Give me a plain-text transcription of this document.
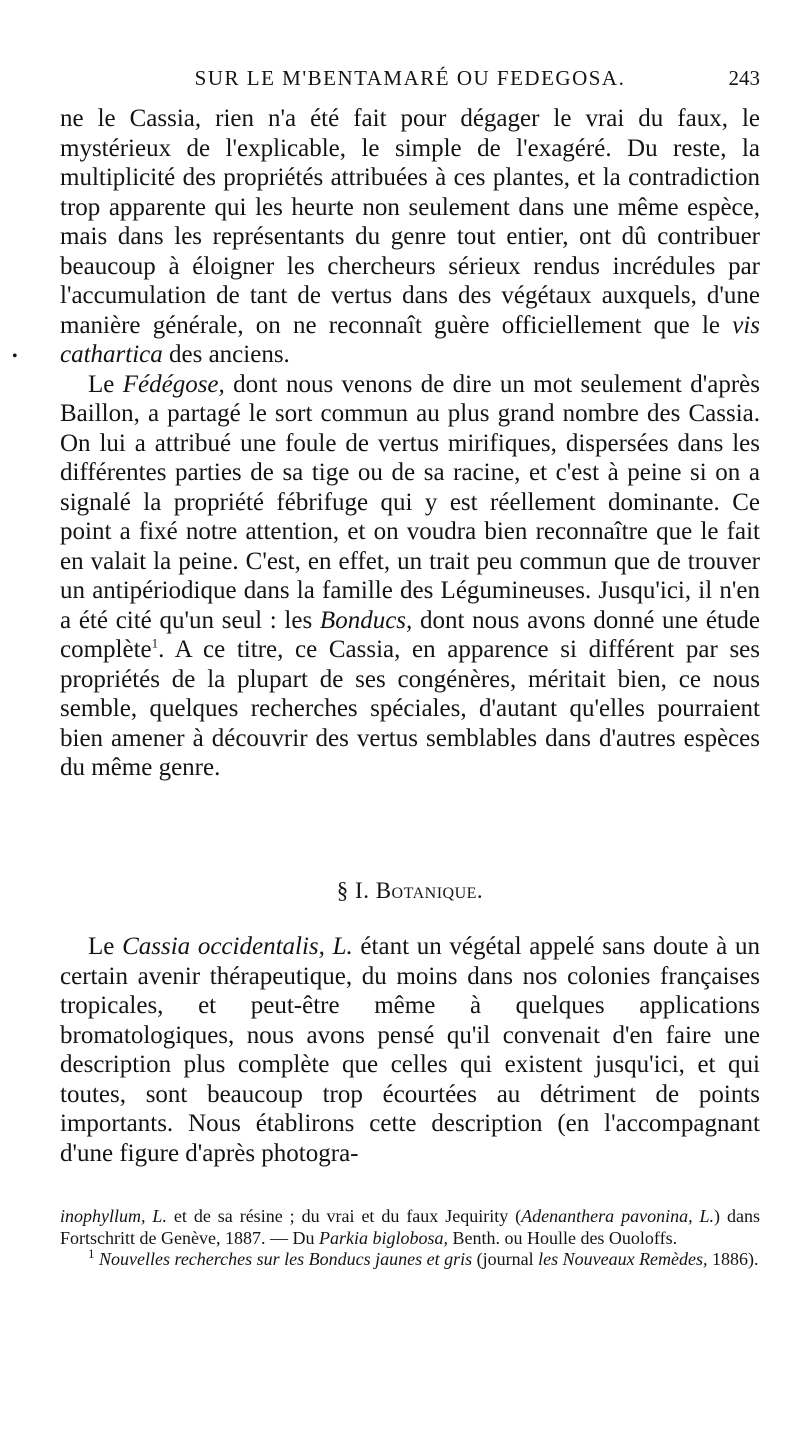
SUR LE M'BENTAMARÉ OU FEDEGOSA.	243
•

ne le Cassia, rien n'a été fait pour dégager le vrai du faux, le mystérieux de l'explicable, le simple de l'exagéré. Du reste, la multiplicité des propriétés attribuées à ces plantes, et la contradiction trop apparente qui les heurte non seulement dans une même espèce, mais dans les représentants du genre tout entier, ont dû contribuer beaucoup à éloigner les chercheurs sérieux rendus incrédules par l'accumulation de tant de vertus dans des végétaux auxquels, d'une manière générale, on ne reconnaît guère officiellement que le vis cathartica des anciens.

Le Fédégose, dont nous venons de dire un mot seulement d'après Baillon, a partagé le sort commun au plus grand nombre des Cassia. On lui a attribué une foule de vertus mirifiques, dispersées dans les différentes parties de sa tige ou de sa racine, et c'est à peine si on a signalé la propriété fébrifuge qui y est réellement dominante. Ce point a fixé notre attention, et on voudra bien reconnaître que le fait en valait la peine. C'est, en effet, un trait peu commun que de trouver un antipériodique dans la famille des Légumineuses. Jusqu'ici, il n'en a été cité qu'un seul : les Bonducs, dont nous avons donné une étude complète$^1$. A ce titre, ce Cassia, en apparence si différent par ses propriétés de la plupart de ses congénères, méritait bien, ce nous semble, quelques recherches spéciales, d'autant qu'elles pourraient bien amener à découvrir des vertus semblables dans d'autres espèces du même genre.

§ I. Botanique.

Le Cassia occidentalis, L. étant un végétal appelé sans doute à un certain avenir thérapeutique, du moins dans nos colonies françaises tropicales, et peut-être même à quelques applications bromatologiques, nous avons pensé qu'il convenait d'en faire une description plus complète que celles qui existent jusqu'ici, et qui toutes, sont beaucoup trop écourtées au détriment de points importants. Nous établirons cette description (en l'accompagnant d'une figure d'après photogra-

inophyllum, L. et de sa résine ; du vrai et du faux Jequirity (Adenanthera pavonina, L.) dans Fortschritt de Genève, 1887. — Du Parkia biglobosa, Benth. ou Houlle des Ouoloffs.

$^1$ Nouvelles recherches sur les Bonducs jaunes et gris (journal les Nouveaux Remèdes, 1886).
